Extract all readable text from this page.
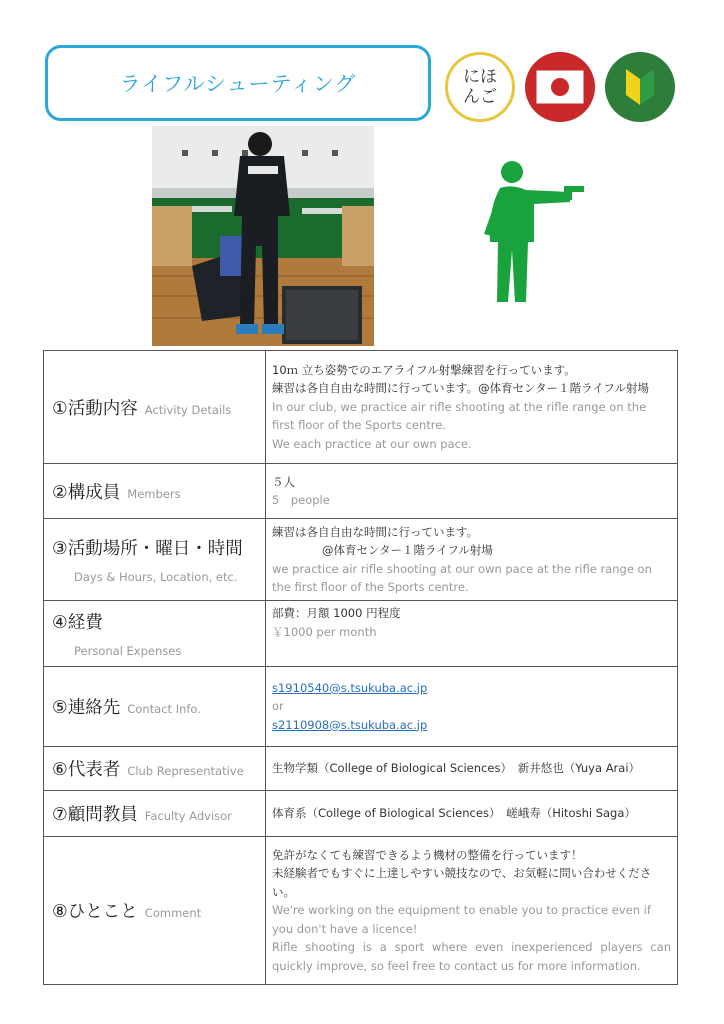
ライフルシューティング	にほ
んご
①活動内容 Activity Details	10ｍ 立ち姿勢でのエアライフル射撃練習を行っています。
練習は各自自由な時間に行っています。@体育センター１階ライフル射場
In our club, we practice air rifle shooting at the rifle range on the first floor of the Sports centre.
We each practice at our own pace.

②構成員 Members	５人
5　people

③活動場所・曜日・時間
Days & Hours, Location, etc.	練習は各自自由な時間に行っています。
@体育センター１階ライフル射場
we practice air rifle shooting at our own pace at the rifle range on the first floor of the Sports centre.

④経費
Personal Expenses	部費：月額 1000 円程度
￥1000 per month

⑤連絡先 Contact Info.	s1910540@s.tsukuba.ac.jp
or
s2110908@s.tsukuba.ac.jp

⑥代表者 Club Representative	生物学類（College of Biological Sciences）　新井悠也（Yuya Arai）

⑦顧問教員 Faculty Advisor	体育系（College of Biological Sciences）　嵯峨寿（Hitoshi Saga）

⑧ひとこと Comment	免許がなくても練習できるよう機材の整備を行っています！
未経験者でもすぐに上達しやすい競技なので、お気軽に問い合わせください。
We're working on the equipment to enable you to practice even if you don't have a licence!
Rifle shooting is a sport where even inexperienced players can quickly improve, so feel free to contact us for more information.
